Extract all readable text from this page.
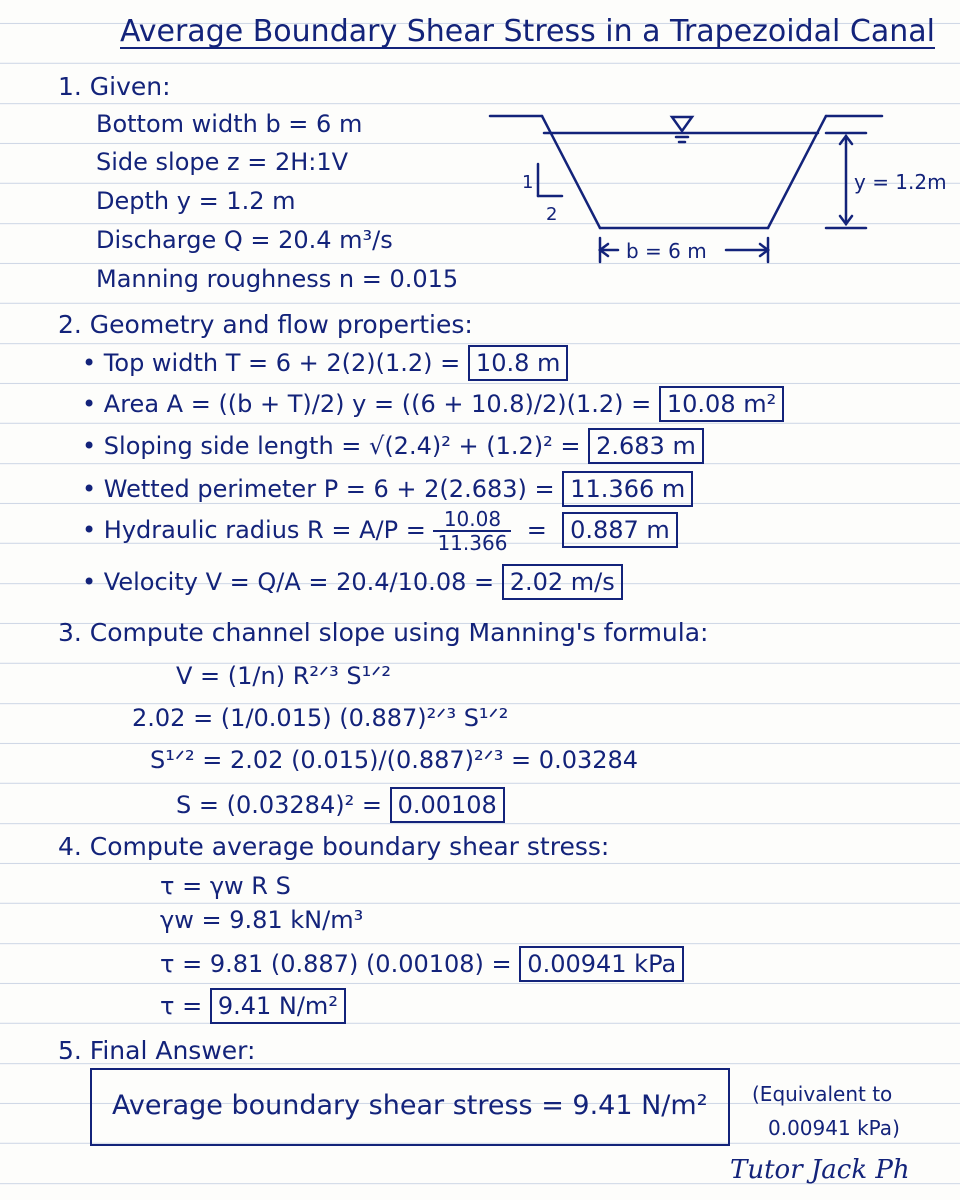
Average Boundary Shear Stress in a Trapezoidal Canal
1. Given:
Bottom width b = 6 m
Side slope z = 2H:1V
Depth y = 1.2 m
Discharge Q = 20.4 m³/s
Manning roughness n = 0.015
1
2
y = 1.2m
b = 6 m
2. Geometry and flow properties:
• Top width T = 6 + 2(2)(1.2) = 10.8 m
• Area A = ((b + T)/2) y = ((6 + 10.8)/2)(1.2) = 10.08 m²
• Sloping side length = √(2.4)² + (1.2)² = 2.683 m
• Wetted perimeter P = 6 + 2(2.683) = 11.366 m
• Hydraulic radius $R = A/P = \frac{10.08}{11.366} = 0.887$ m
• Velocity V = Q/A = 20.4/10.08 = 2.02 m/s
3. Compute channel slope using Manning's formula:
V = (1/n) R²ᐟ³ S¹ᐟ²
2.02 = (1/0.015) (0.887)²ᐟ³ S¹ᐟ²
S¹ᐟ² = 2.02 (0.015)/(0.887)²ᐟ³ = 0.03284
S = (0.03284)² = 0.00108
4. Compute average boundary shear stress:
τ = γw R S
γw = 9.81 kN/m³
τ = 9.81 (0.887) (0.00108) = 0.00941 kPa
τ = 9.41 N/m²
5. Final Answer:
Average boundary shear stress = 9.41 N/m² (Equivalent to
0.00941 kPa)
Tutor Jack Ph
